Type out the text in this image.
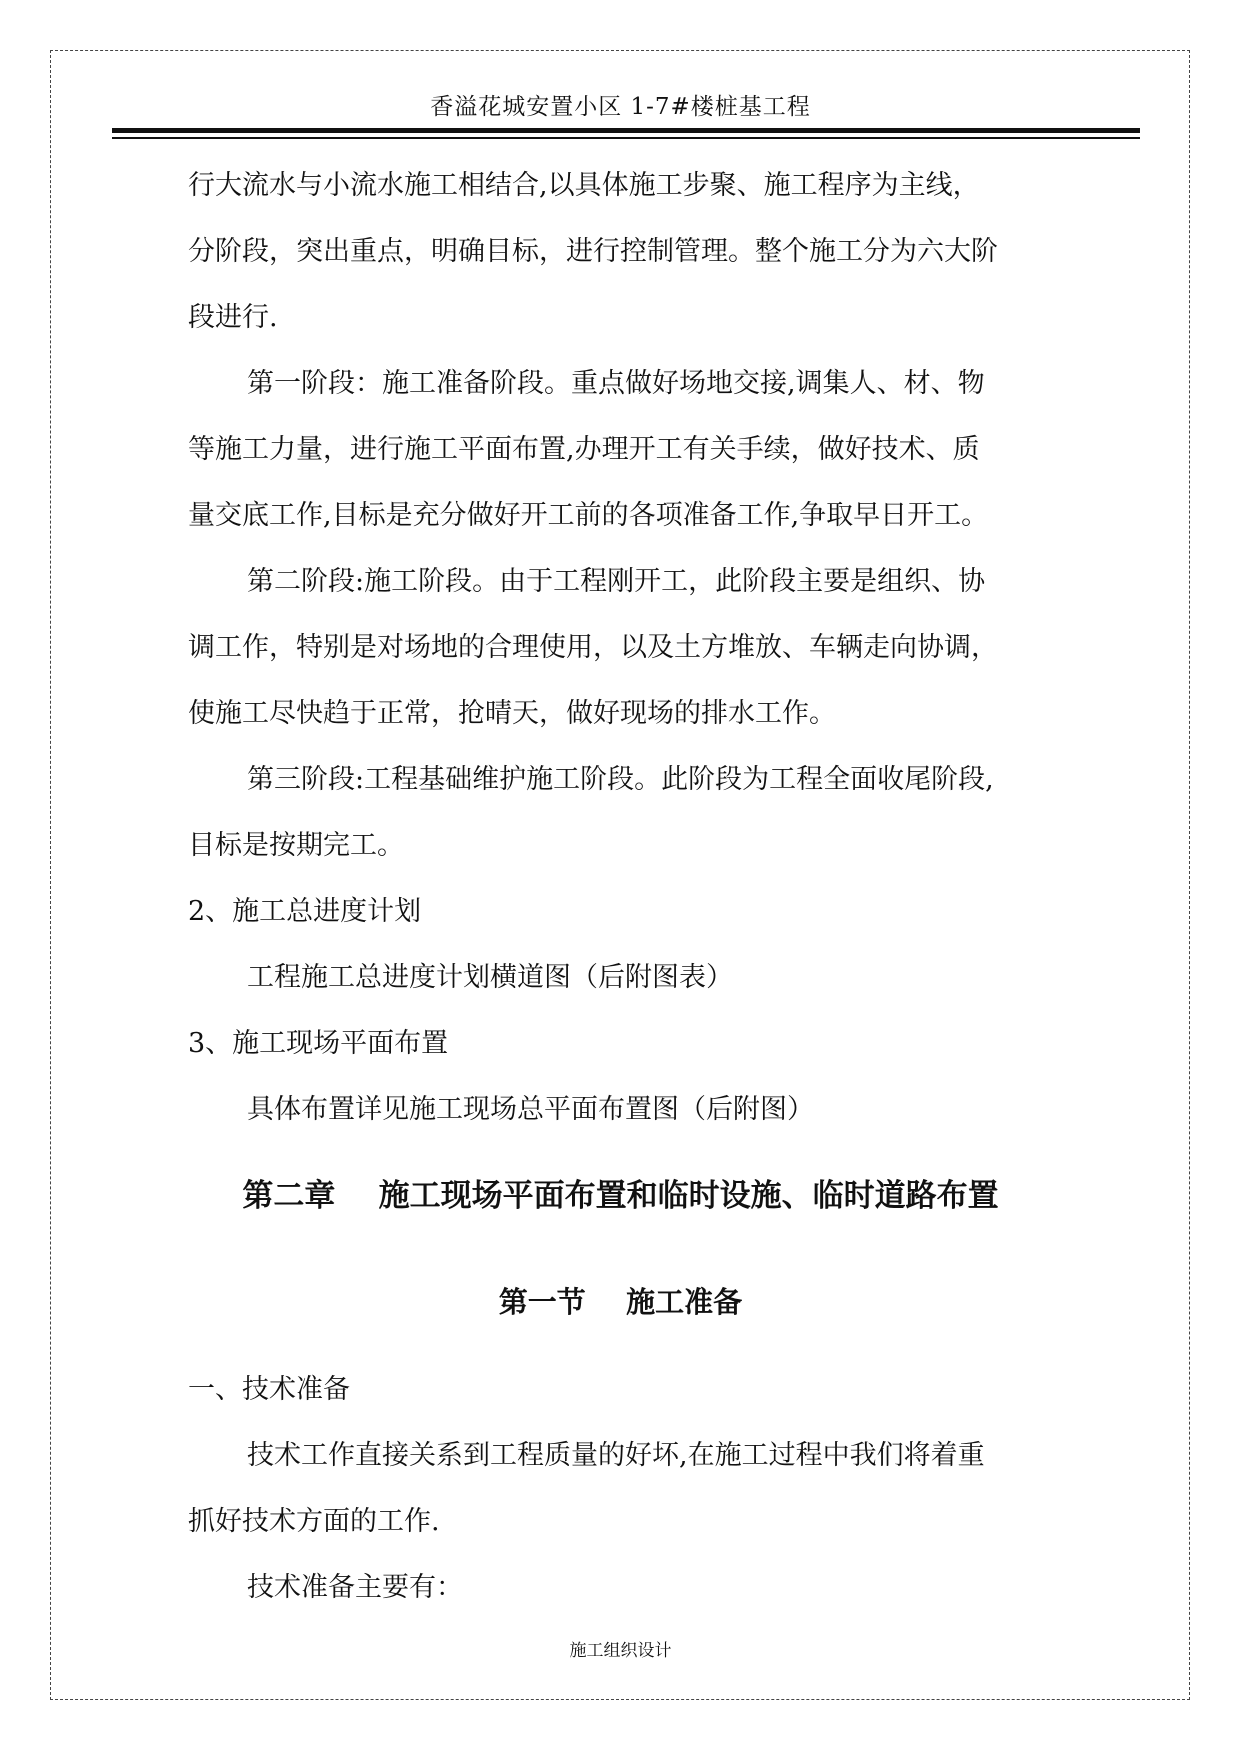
香溢花城安置小区 1-7#楼桩基工程
行大流水与小流水施工相结合,以具体施工步聚、施工程序为主线，
分阶段，突出重点，明确目标，进行控制管理。整个施工分为六大阶
段进行.
第一阶段：施工准备阶段。重点做好场地交接,调集人、材、物
等施工力量，进行施工平面布置,办理开工有关手续，做好技术、质
量交底工作,目标是充分做好开工前的各项准备工作,争取早日开工。
第二阶段:施工阶段。由于工程刚开工，此阶段主要是组织、协
调工作，特别是对场地的合理使用，以及土方堆放、车辆走向协调，
使施工尽快趋于正常，抢晴天，做好现场的排水工作。
第三阶段:工程基础维护施工阶段。此阶段为工程全面收尾阶段,
目标是按期完工。
2、施工总进度计划
工程施工总进度计划横道图（后附图表）
3、施工现场平面布置
具体布置详见施工现场总平面布置图（后附图）
第二章    施工现场平面布置和临时设施、临时道路布置
第一节    施工准备
一、技术准备
技术工作直接关系到工程质量的好坏,在施工过程中我们将着重
抓好技术方面的工作.
技术准备主要有：
施工组织设计
